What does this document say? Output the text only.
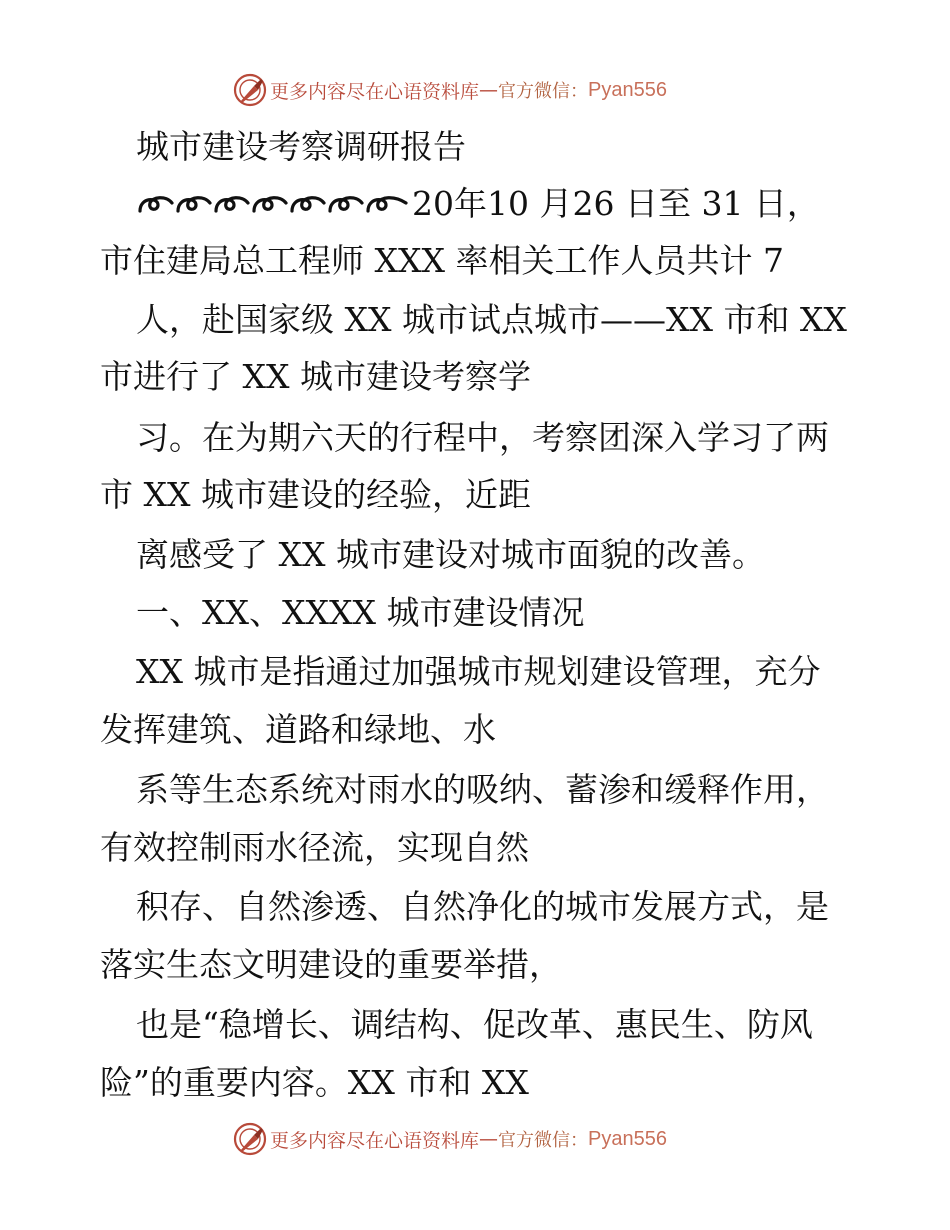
更多内容尽在心语资料库 — 官方微信： Pyan556
城市建设考察调研报告
20年10 月26 日至 31 日，
市住建局总工程师 XXX 率相关工作人员共计 7
人，赴国家级 XX 城市试点城市——XX 市和 XX
市进行了 XX 城市建设考察学
习。在为期六天的行程中，考察团深入学习了两
市 XX 城市建设的经验，近距
离感受了 XX 城市建设对城市面貌的改善。
一、XX、XXXX 城市建设情况
XX 城市是指通过加强城市规划建设管理，充分
发挥建筑、道路和绿地、水
系等生态系统对雨水的吸纳、蓄渗和缓释作用，
有效控制雨水径流，实现自然
积存、自然渗透、自然净化的城市发展方式，是
落实生态文明建设的重要举措，
也是“稳增长、调结构、促改革、惠民生、防风
险”的重要内容。XX 市和 XX
更多内容尽在心语资料库 — 官方微信： Pyan556
